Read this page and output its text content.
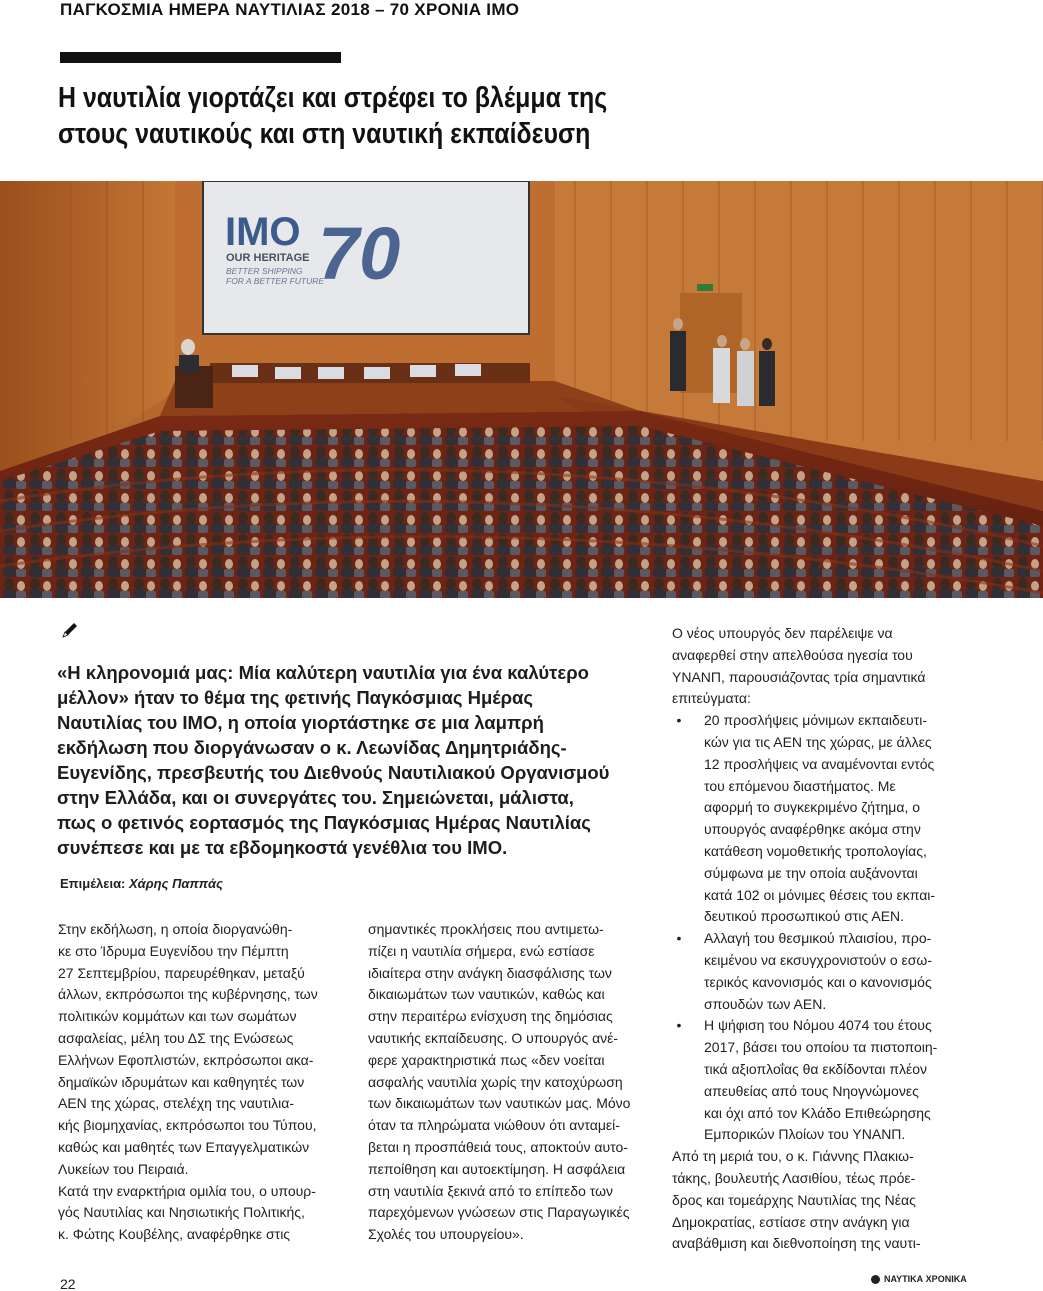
ΠΑΓΚΟΣΜΙΑ ΗΜΕΡΑ ΝΑΥΤΙΛΙΑΣ 2018 – 70 ΧΡΟΝΙΑ ΙΜΟ
Η ναυτιλία γιορτάζει και στρέφει το βλέμμα της
στους ναυτικούς και στη ναυτική εκπαίδευση
IMO 70
OUR HERITAGE
BETTER SHIPPING
FOR A BETTER FUTURE
«Η κληρονομιά μας: Μία καλύτερη ναυτιλία για ένα καλύτερο
μέλλον» ήταν το θέμα της φετινής Παγκόσμιας Ημέρας
Ναυτιλίας του ΙΜΟ, η οποία γιορτάστηκε σε μια λαμπρή
εκδήλωση που διοργάνωσαν ο κ. Λεωνίδας Δημητριάδης-
Ευγενίδης, πρεσβευτής του Διεθνούς Ναυτιλιακού Οργανισμού
στην Ελλάδα, και οι συνεργάτες του. Σημειώνεται, μάλιστα,
πως ο φετινός εορτασμός της Παγκόσμιας Ημέρας Ναυτιλίας
συνέπεσε και με τα εβδομηκοστά γενέθλια του ΙΜΟ.
Επιμέλεια: Χάρης Παππάς
Στην εκδήλωση, η οποία διοργανώθη-
κε στο Ίδρυμα Ευγενίδου την Πέμπτη
27 Σεπτεμβρίου, παρευρέθηκαν, μεταξύ
άλλων, εκπρόσωποι της κυβέρνησης, των
πολιτικών κομμάτων και των σωμάτων
ασφαλείας, μέλη του ΔΣ της Ενώσεως
Ελλήνων Εφοπλιστών, εκπρόσωποι ακα-
δημαϊκών ιδρυμάτων και καθηγητές των
ΑΕΝ της χώρας, στελέχη της ναυτιλια-
κής βιομηχανίας, εκπρόσωποι του Τύπου,
καθώς και μαθητές των Επαγγελματικών
Λυκείων του Πειραιά.
Κατά την εναρκτήρια ομιλία του, ο υπουρ-
γός Ναυτιλίας και Νησιωτικής Πολιτικής,
κ. Φώτης Κουβέλης, αναφέρθηκε στις
σημαντικές προκλήσεις που αντιμετω-
πίζει η ναυτιλία σήμερα, ενώ εστίασε
ιδιαίτερα στην ανάγκη διασφάλισης των
δικαιωμάτων των ναυτικών, καθώς και
στην περαιτέρω ενίσχυση της δημόσιας
ναυτικής εκπαίδευσης. Ο υπουργός ανέ-
φερε χαρακτηριστικά πως «δεν νοείται
ασφαλής ναυτιλία χωρίς την κατοχύρωση
των δικαιωμάτων των ναυτικών μας. Μόνο
όταν τα πληρώματα νιώθουν ότι ανταμεί-
βεται η προσπάθειά τους, αποκτούν αυτο-
πεποίθηση και αυτοεκτίμηση. Η ασφάλεια
στη ναυτιλία ξεκινά από το επίπεδο των
παρεχόμενων γνώσεων στις Παραγωγικές
Σχολές του υπουργείου».
Ο νέος υπουργός δεν παρέλειψε να
αναφερθεί στην απελθούσα ηγεσία του
ΥΝΑΝΠ, παρουσιάζοντας τρία σημαντικά
επιτεύγματα:
•	20 προσλήψεις μόνιμων εκπαιδευτι-
κών για τις ΑΕΝ της χώρας, με άλλες
12 προσλήψεις να αναμένονται εντός
του επόμενου διαστήματος. Με
αφορμή το συγκεκριμένο ζήτημα, ο
υπουργός αναφέρθηκε ακόμα στην
κατάθεση νομοθετικής τροπολογίας,
σύμφωνα με την οποία αυξάνονται
κατά 102 οι μόνιμες θέσεις του εκπαι-
δευτικού προσωπικού στις ΑΕΝ.
•	Αλλαγή του θεσμικού πλαισίου, προ-
κειμένου να εκσυγχρονιστούν ο εσω-
τερικός κανονισμός και ο κανονισμός
σπουδών των ΑΕΝ.
•	Η ψήφιση του Νόμου 4074 του έτους
2017, βάσει του οποίου τα πιστοποιη-
τικά αξιοπλοΐας θα εκδίδονται πλέον
απευθείας από τους Νηογνώμονες
και όχι από τον Κλάδο Επιθεώρησης
Εμπορικών Πλοίων του ΥΝΑΝΠ.
Από τη μεριά του, ο κ. Γιάννης Πλακιω-
τάκης, βουλευτής Λασιθίου, τέως πρόε-
δρος και τομεάρχης Ναυτιλίας της Νέας
Δημοκρατίας, εστίασε στην ανάγκη για
αναβάθμιση και διεθνοποίηση της ναυτι-
22	ΝΑΥΤΙΚΑ ΧΡΟΝΙΚΑ
